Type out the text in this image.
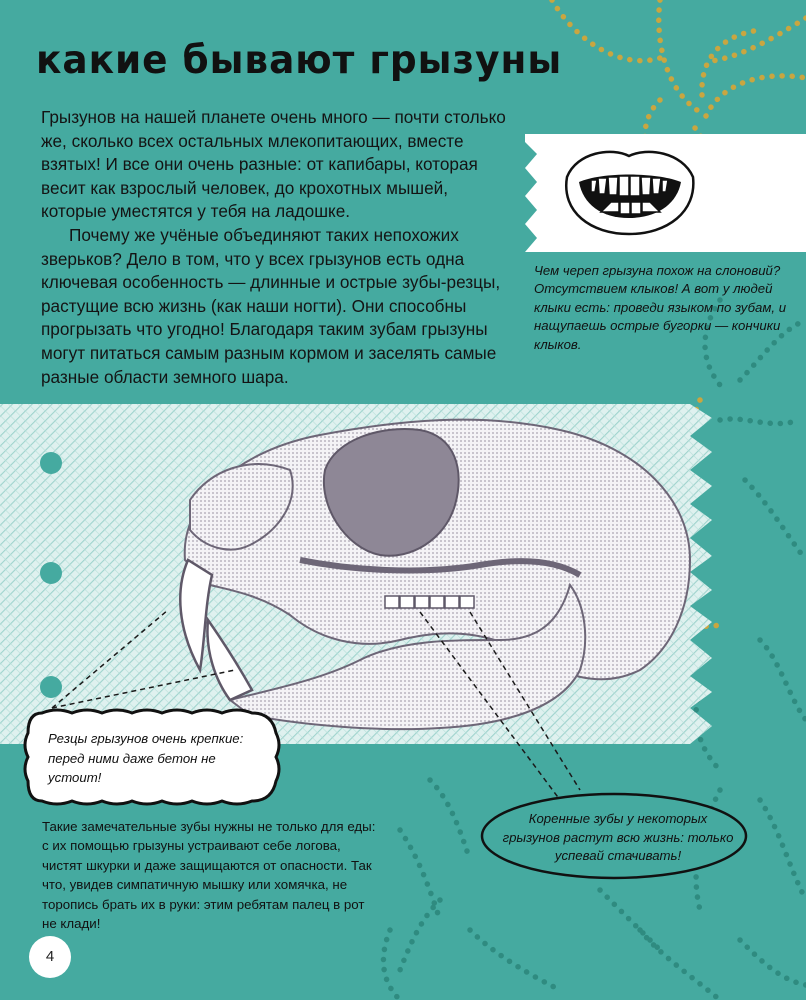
какие бывают грызуны

Грызунов на нашей планете очень много — почти столько же, сколько всех остальных млекопитающих, вместе взятых! И все они очень разные: от капибары, которая весит как взрослый человек, до крохотных мышей, которые уместятся у тебя на ладошке.

Почему же учёные объединяют таких непохожих зверьков? Дело в том, что у всех грызунов есть одна ключевая особенность — длинные и острые зубы-резцы, растущие всю жизнь (как наши ногти). Они способны прогрызать что угодно! Благодаря таким зубам грызуны могут питаться самым разным кормом и заселять самые разные области земного шара.

Чем череп грызуна похож на слоновий? Отсутствием клыков! А вот у людей клыки есть: проведи языком по зубам, и нащупаешь острые бугорки — кончики клыков.

Резцы грызунов очень крепкие: перед ними даже бетон не устоит!

Коренные зубы у некоторых грызунов растут всю жизнь: только успевай стачивать!

Такие замечательные зубы нужны не только для еды: с их помощью грызуны устраивают себе логова, чистят шкурки и даже защищаются от опасности. Так что, увидев симпатичную мышку или хомячка, не торопись брать их в руки: этим ребятам палец в рот не клади!

4
